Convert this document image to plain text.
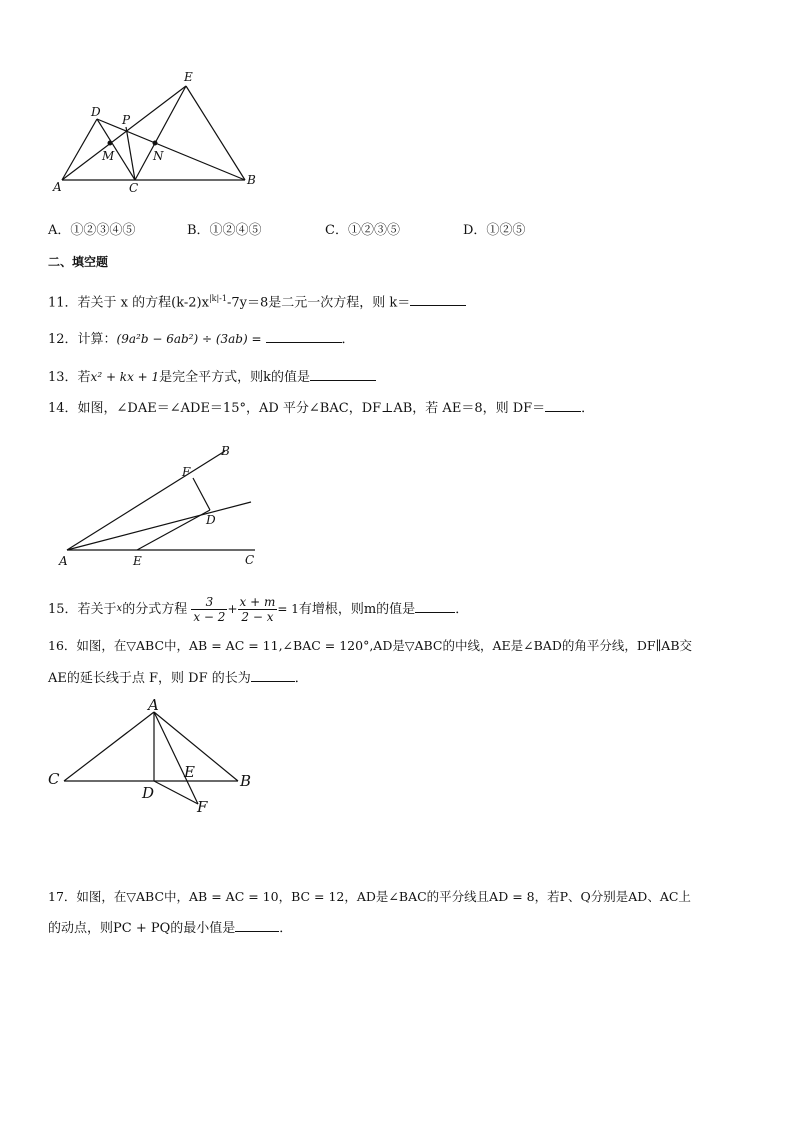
A	B
C
D
E
P
M	N
A．①②③④⑤	B．①②④⑤	C．①②③⑤	D．①②⑤
二、填空题
11．若关于 x 的方程$(k-2)x^{|k|-1}-7y=8$是二元一次方程，则 k＝
12．计算：(9a²b − 6ab²) ÷ (3ab) =	．
13．若x² + kx + 1是完全平方式，则k的值是
14．如图，∠DAE＝∠ADE＝15°，AD 平分∠BAC，DF⊥AB，若 AE＝8，则 DF＝	．
A
B
C
D
E
F
15．若关于$^x$的分式方程 $\frac{3}{x - 2} + \frac{x + m}{2 - x} = 1$有增根，则m的值是	．
16．如图，在▽ABC中，AB = AC = 11,∠BAC = 120°,AD是▽ABC的中线，AE是∠BAD的角平分线，DF∥AB交
AE的延长线于点 F，则 DF 的长为	．
A
B
C
D
E
F
17．如图，在▽ABC中，AB = AC = 10，BC = 12，AD是∠BAC的平分线且AD = 8，若P、Q分别是AD、AC上
的动点，则PC + PQ的最小值是	．
